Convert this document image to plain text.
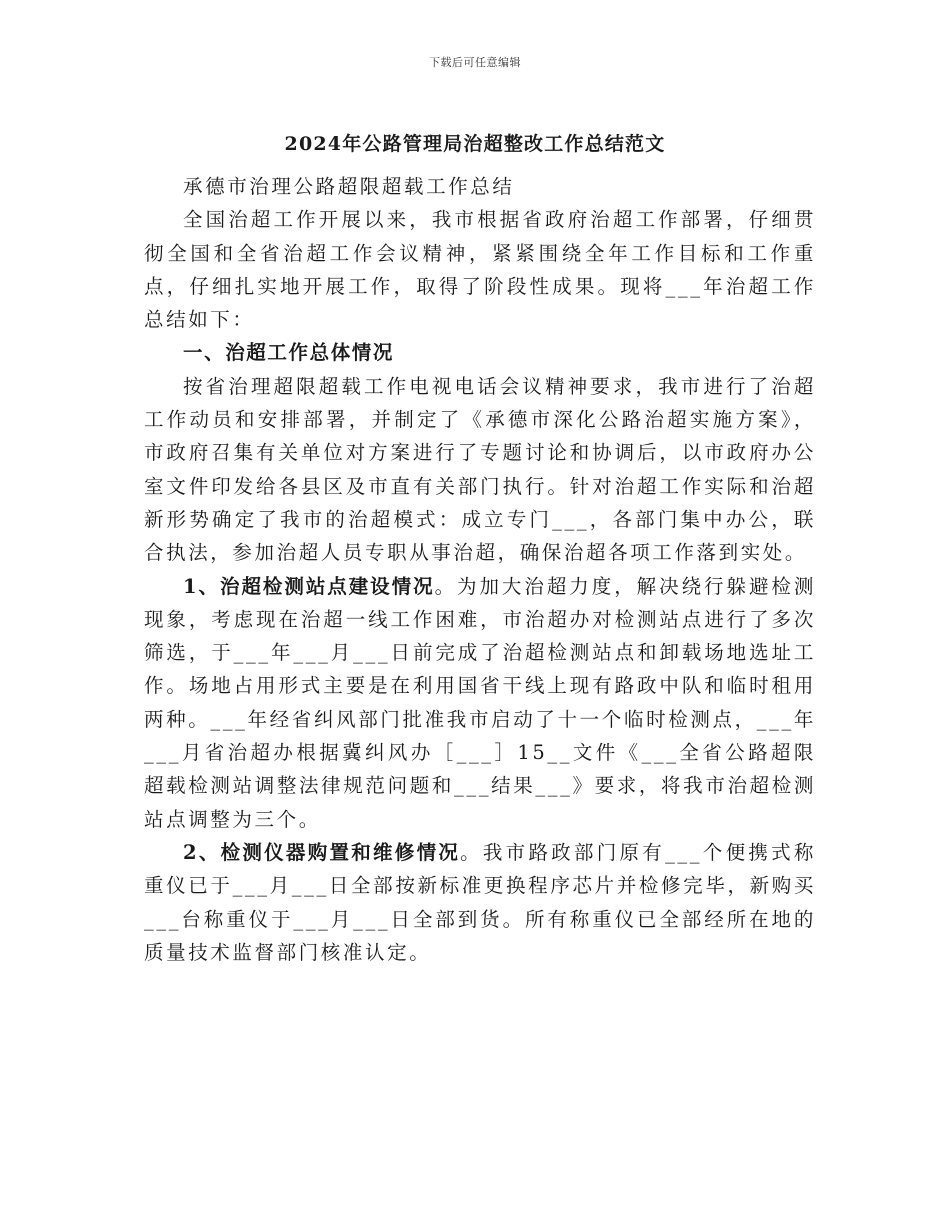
下载后可任意编辑
2024年公路管理局治超整改工作总结范文

承德市治理公路超限超载工作总结

全国治超工作开展以来，我市根据省政府治超工作部署，仔细贯彻全国和全省治超工作会议精神，紧紧围绕全年工作目标和工作重点，仔细扎实地开展工作，取得了阶段性成果。现将___年治超工作总结如下：

一、治超工作总体情况

按省治理超限超载工作电视电话会议精神要求，我市进行了治超工作动员和安排部署，并制定了《承德市深化公路治超实施方案》，市政府召集有关单位对方案进行了专题讨论和协调后，以市政府办公室文件印发给各县区及市直有关部门执行。针对治超工作实际和治超新形势确定了我市的治超模式：成立专门___，各部门集中办公，联合执法，参加治超人员专职从事治超，确保治超各项工作落到实处。

1、治超检测站点建设情况。为加大治超力度，解决绕行躲避检测现象，考虑现在治超一线工作困难，市治超办对检测站点进行了多次筛选，于___年___月___日前完成了治超检测站点和卸载场地选址工作。场地占用形式主要是在利用国省干线上现有路政中队和临时租用两种。___年经省纠风部门批准我市启动了十一个临时检测点，___年___月省治超办根据冀纠风办［___］15__文件《___全省公路超限超载检测站调整法律规范问题和___结果___》要求，将我市治超检测站点调整为三个。

2、检测仪器购置和维修情况。我市路政部门原有___个便携式称重仪已于___月___日全部按新标准更换程序芯片并检修完毕，新购买___台称重仪于___月___日全部到货。所有称重仪已全部经所在地的质量技术监督部门核准认定。
